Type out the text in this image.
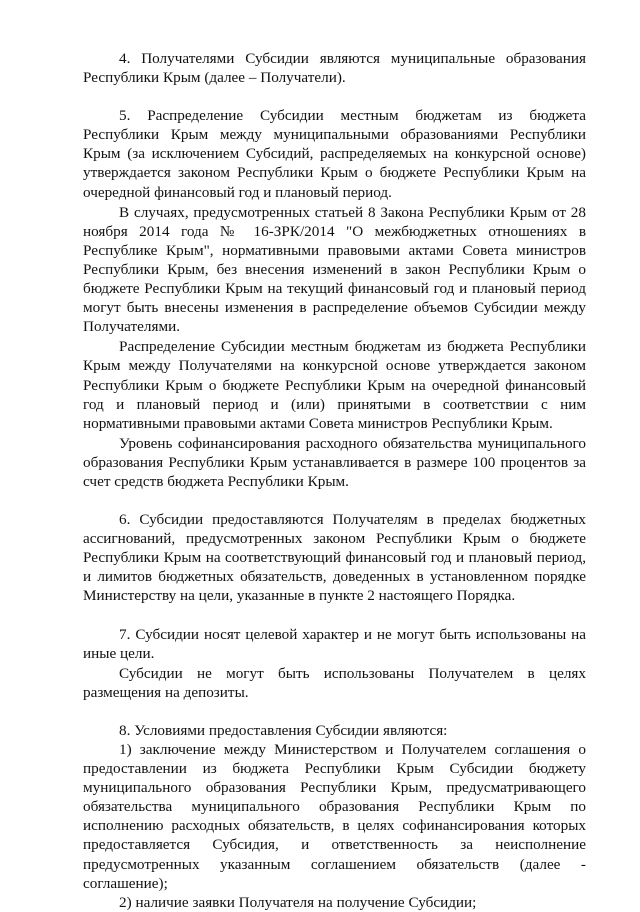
4. Получателями Субсидии являются муниципальные образования Республики Крым (далее – Получатели).

5. Распределение Субсидии местным бюджетам из бюджета Республики Крым между муниципальными образованиями Республики Крым (за исключением Субсидий, распределяемых на конкурсной основе) утверждается законом Республики Крым о бюджете Республики Крым на очередной финансовый год и плановый период.

В случаях, предусмотренных статьей 8 Закона Республики Крым от 28 ноября 2014 года № 16-ЗРК/2014 "О межбюджетных отношениях в Республике Крым", нормативными правовыми актами Совета министров Республики Крым, без внесения изменений в закон Республики Крым о бюджете Республики Крым на текущий финансовый год и плановый период могут быть внесены изменения в распределение объемов Субсидии между Получателями.

Распределение Субсидии местным бюджетам из бюджета Республики Крым между Получателями на конкурсной основе утверждается законом Республики Крым о бюджете Республики Крым на очередной финансовый год и плановый период и (или) принятыми в соответствии с ним нормативными правовыми актами Совета министров Республики Крым.

Уровень софинансирования расходного обязательства муниципального образования Республики Крым устанавливается в размере 100 процентов за счет средств бюджета Республики Крым.

6. Субсидии предоставляются Получателям в пределах бюджетных ассигнований, предусмотренных законом Республики Крым о бюджете Республики Крым на соответствующий финансовый год и плановый период, и лимитов бюджетных обязательств, доведенных в установленном порядке Министерству на цели, указанные в пункте 2 настоящего Порядка.

7. Субсидии носят целевой характер и не могут быть использованы на иные цели.

Субсидии не могут быть использованы Получателем в целях размещения на депозиты.

8. Условиями предоставления Субсидии являются:

1) заключение между Министерством и Получателем соглашения о предоставлении из бюджета Республики Крым Субсидии бюджету муниципального образования Республики Крым, предусматривающего обязательства муниципального образования Республики Крым по исполнению расходных обязательств, в целях софинансирования которых предоставляется Субсидия, и ответственность за неисполнение предусмотренных указанным соглашением обязательств (далее - соглашение);

2) наличие заявки Получателя на получение Субсидии;
